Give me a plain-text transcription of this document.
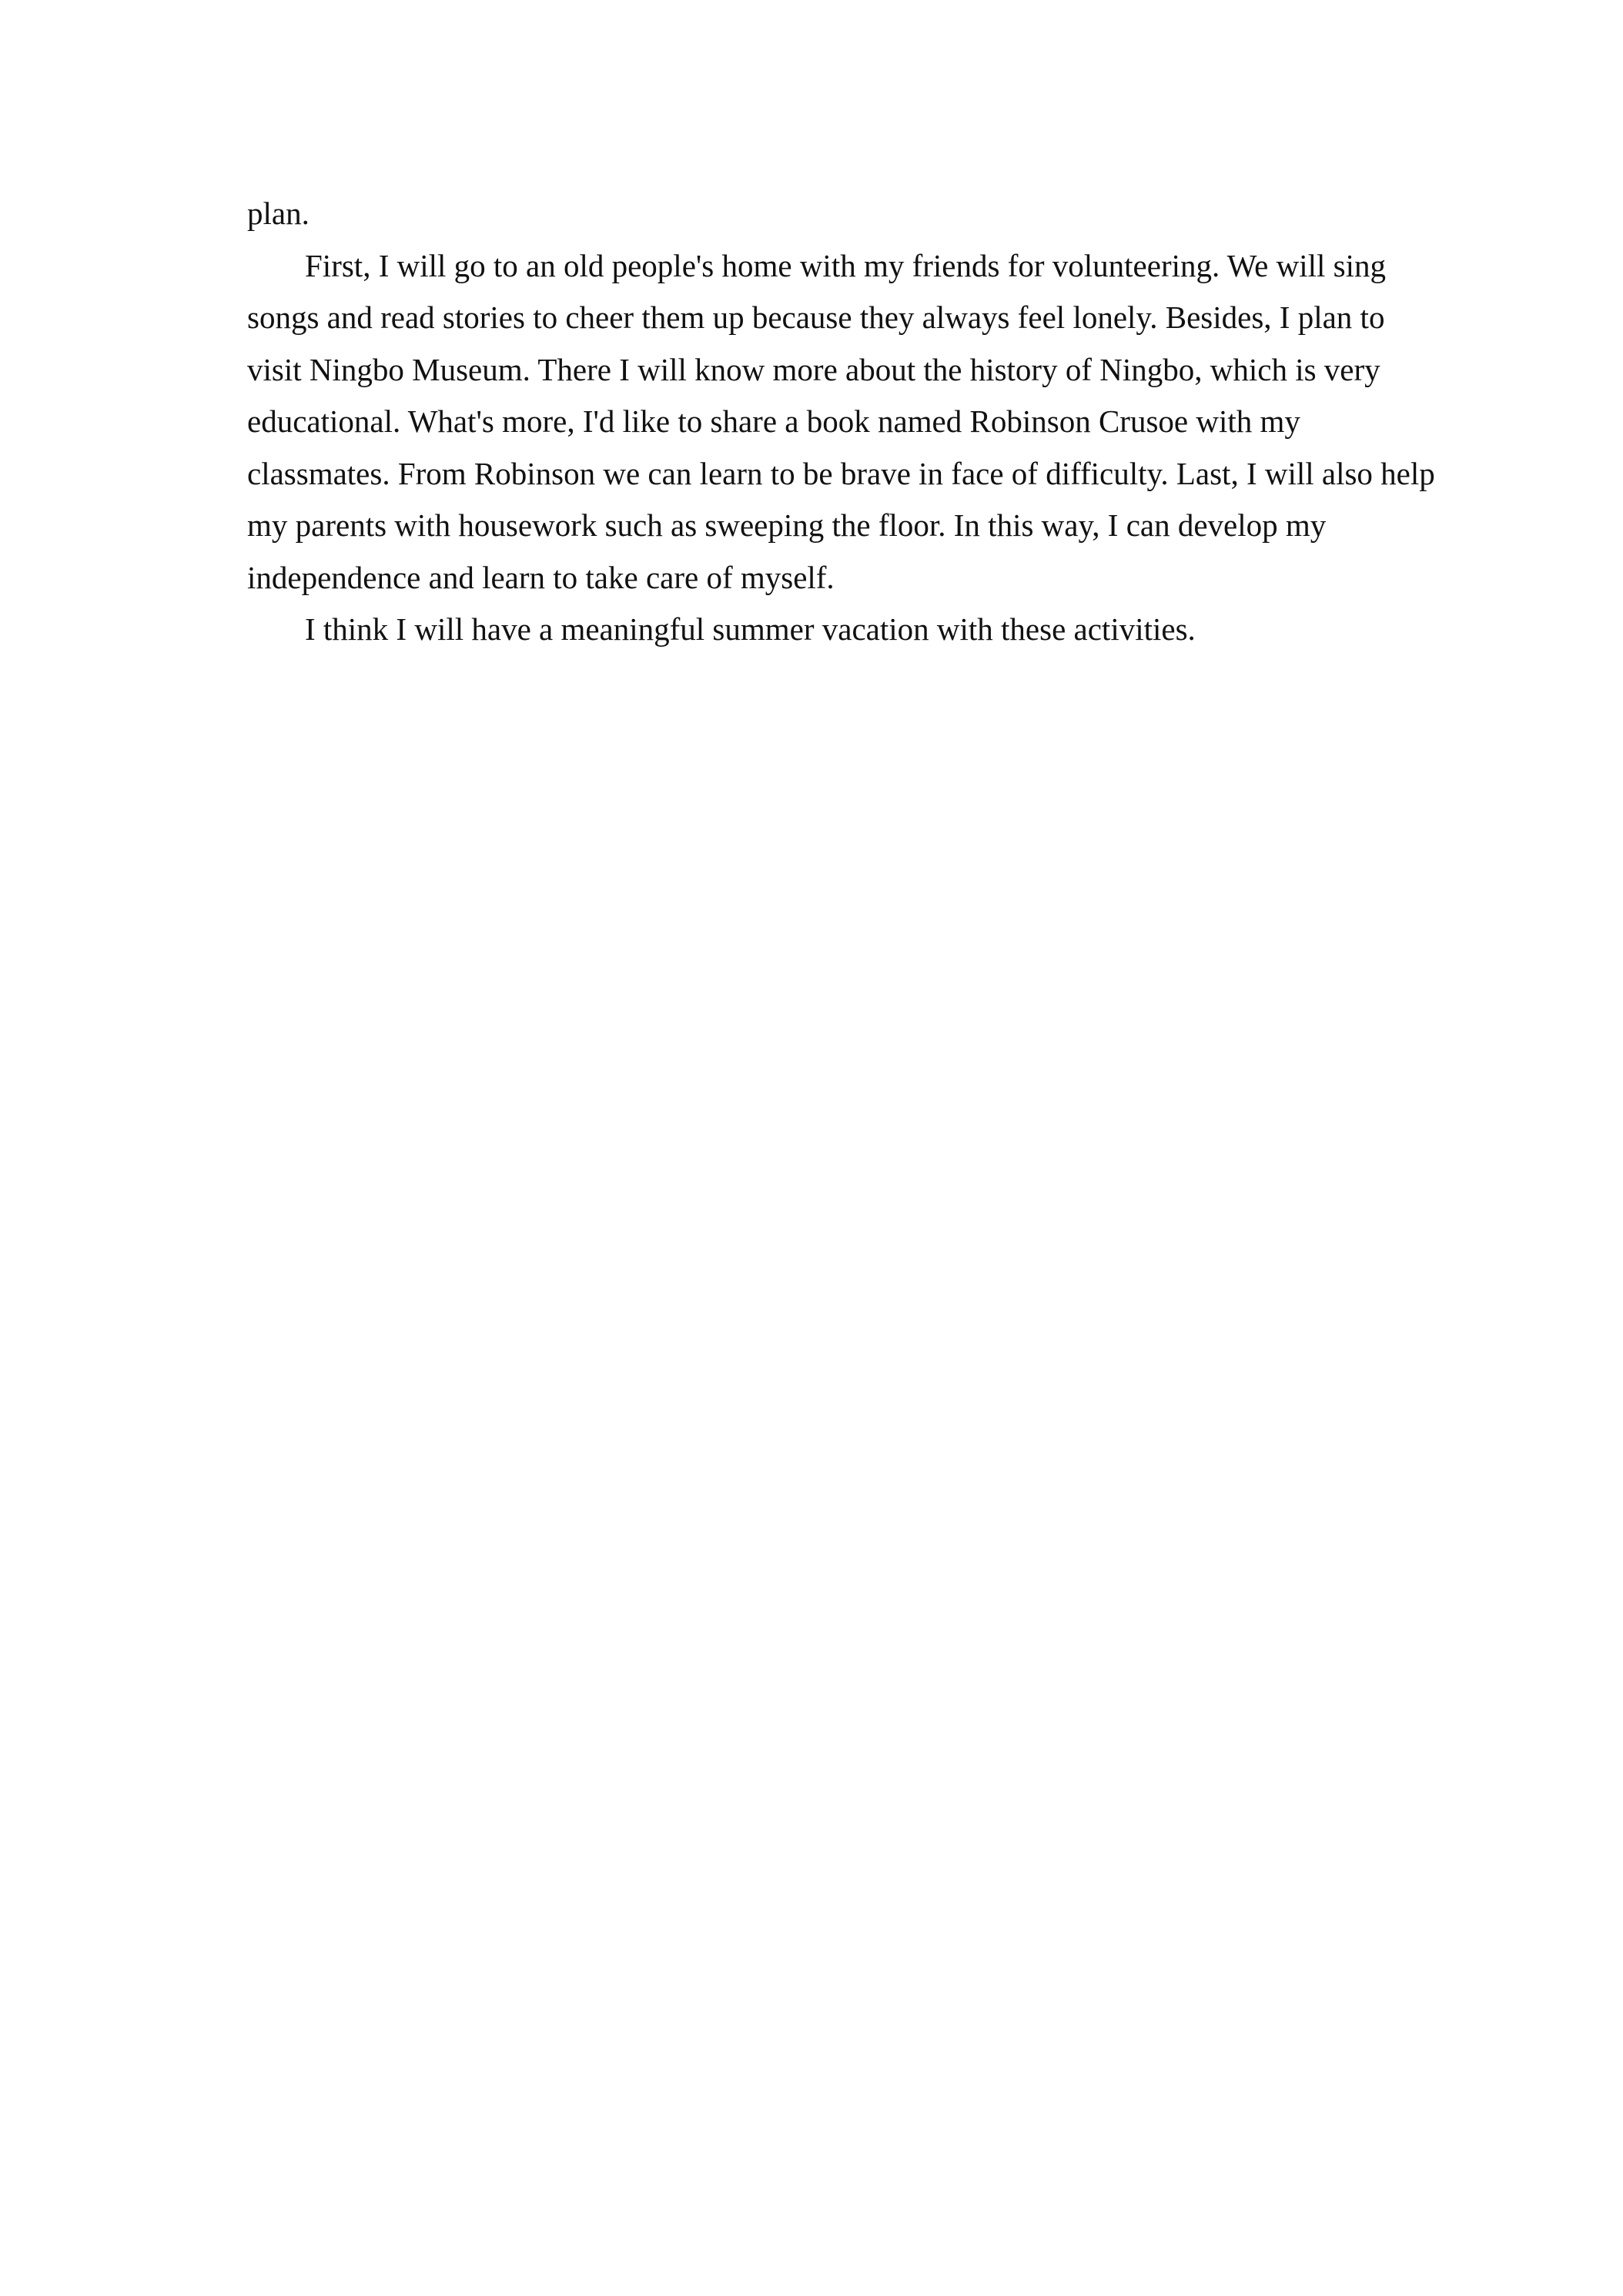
plan.

First, I will go to an old people's home with my friends for volunteering. We will sing

songs and read stories to cheer them up because they always feel lonely. Besides, I plan to

visit Ningbo Museum. There I will know more about the history of Ningbo, which is very

educational. What's more, I'd like to share a book named Robinson Crusoe with my

classmates. From Robinson we can learn to be brave in face of difficulty. Last, I will also help

my parents with housework such as sweeping the floor. In this way, I can develop my

independence and learn to take care of myself.

I think I will have a meaningful summer vacation with these activities.
